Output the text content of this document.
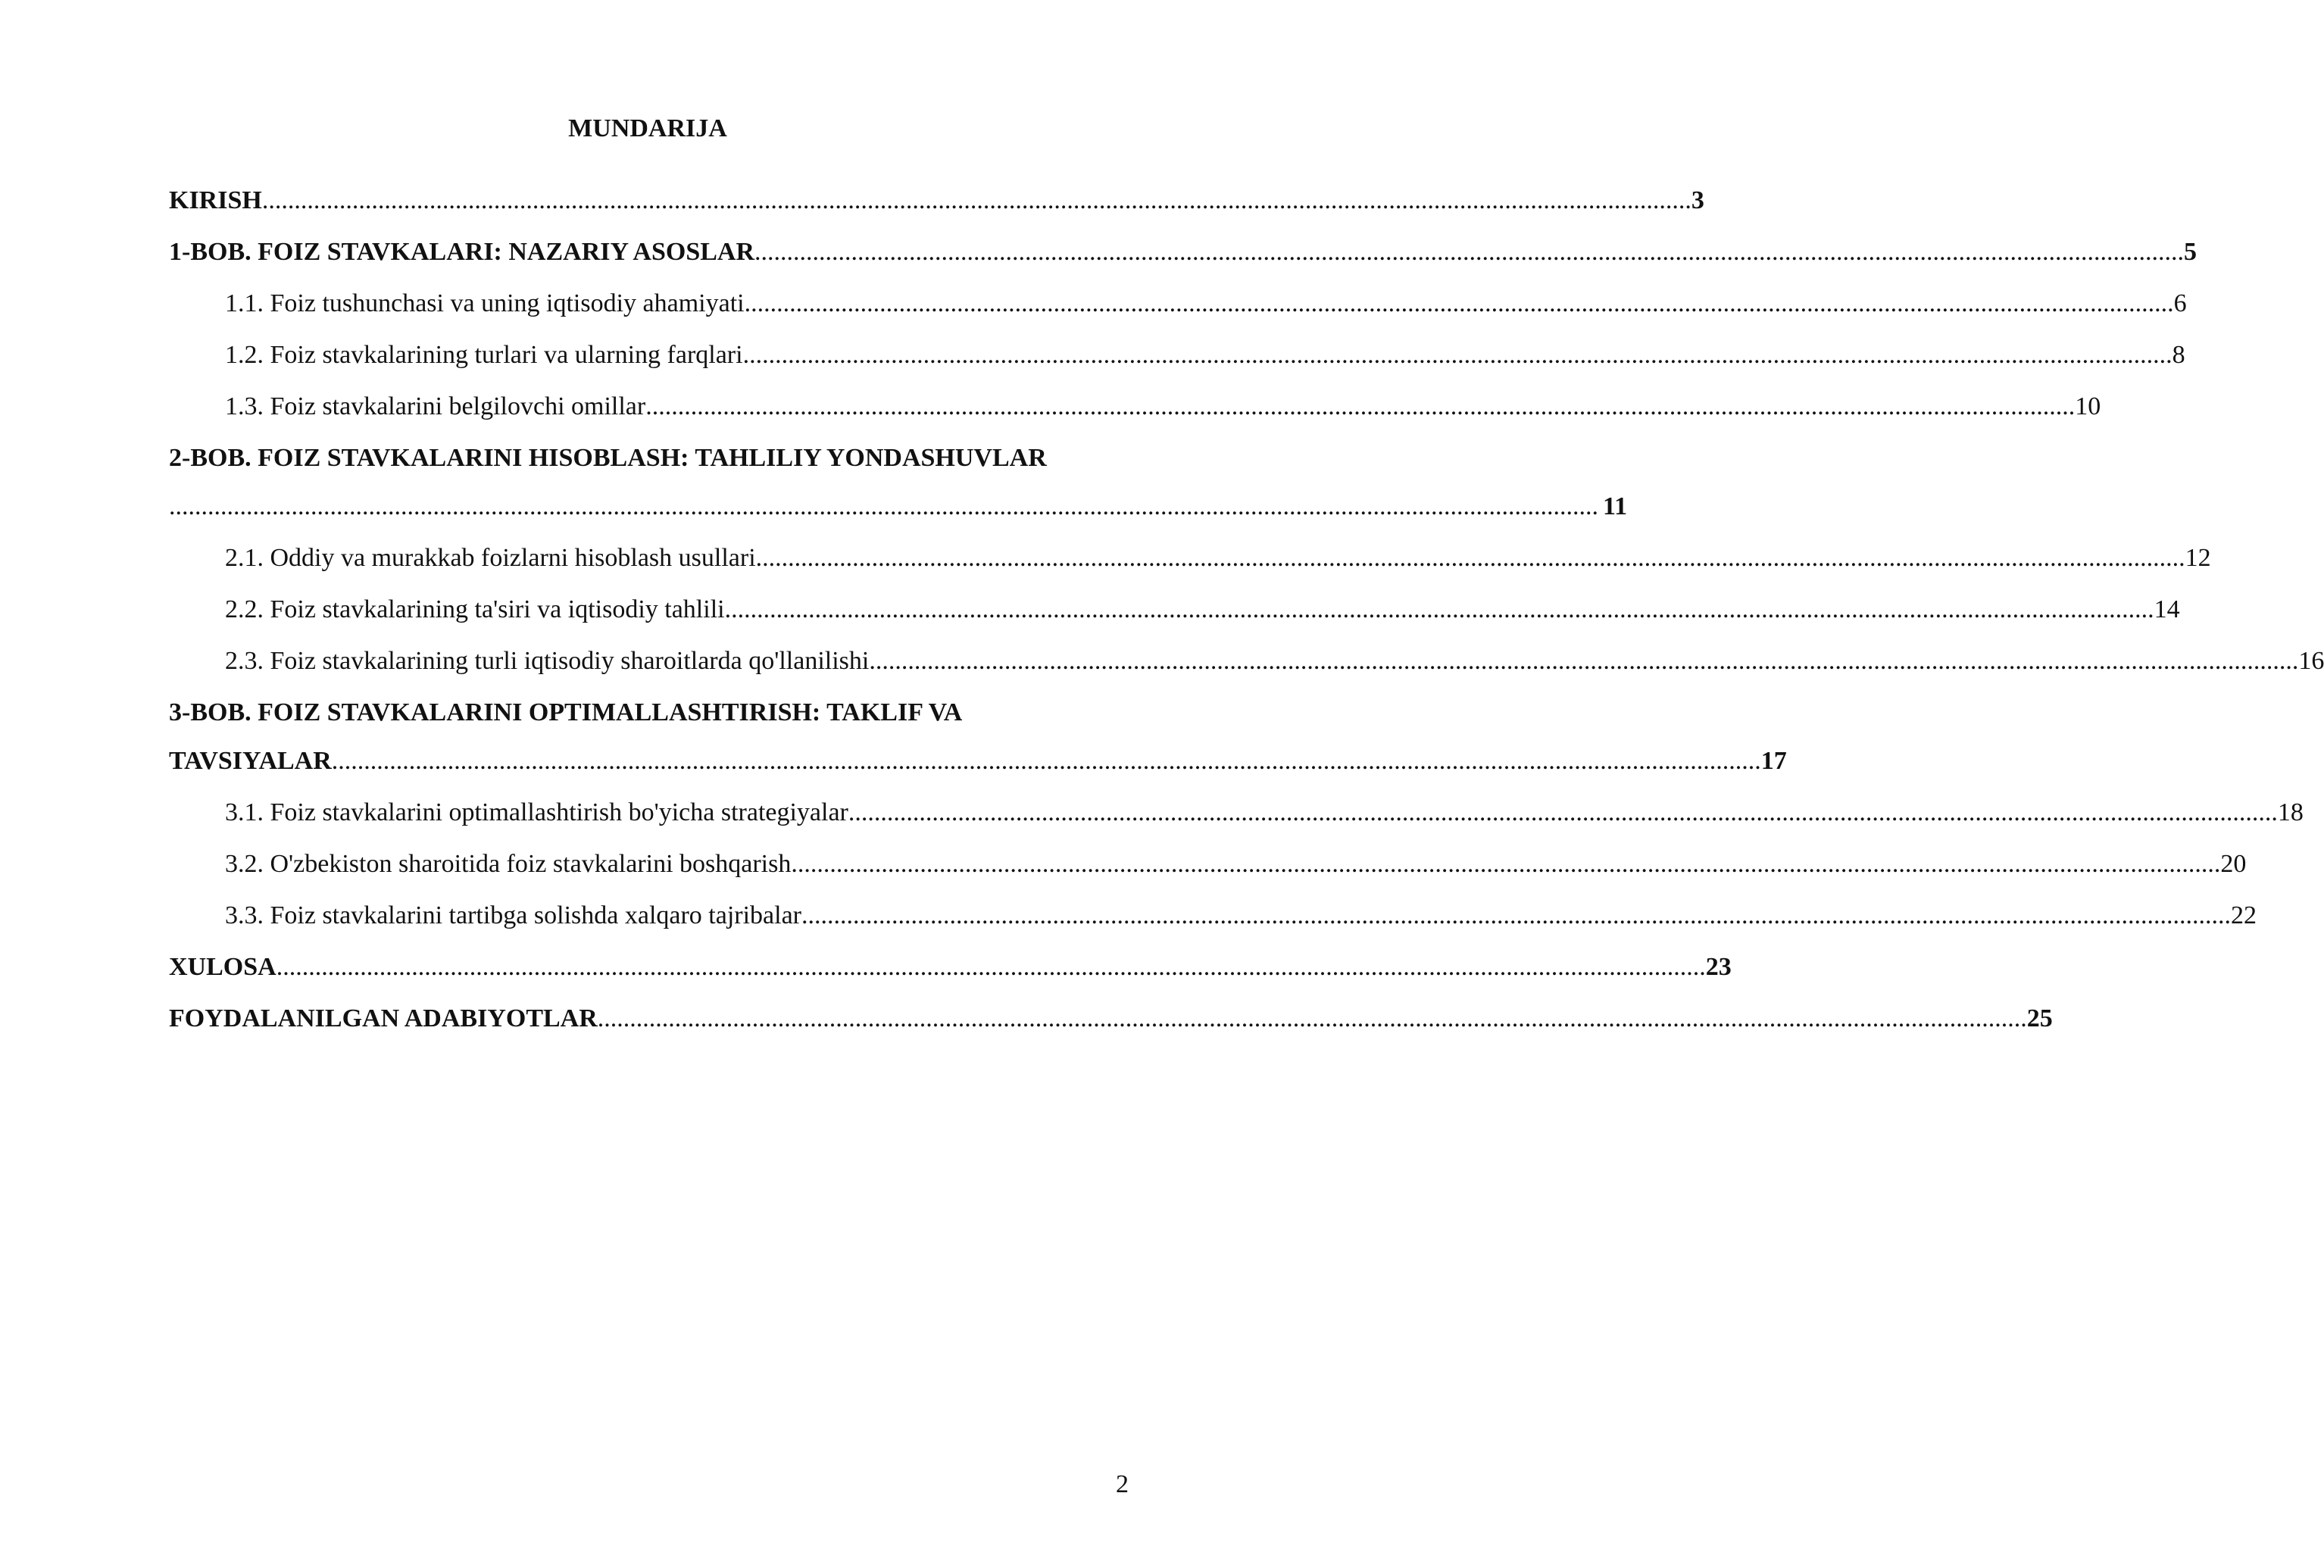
MUNDARIJA
KIRISH .............................................................................................................................................................................................................................. 3
1-BOB. FOIZ STAVKALARI: NAZARIY ASOSLAR .............................................................................................................................................................................................................................. 5
1.1. Foiz tushunchasi va uning iqtisodiy ahamiyati .............................................................................................................................................................................................................................. 6
1.2. Foiz stavkalarining turlari va ularning farqlari .............................................................................................................................................................................................................................. 8
1.3. Foiz stavkalarini belgilovchi omillar .............................................................................................................................................................................................................................. 10
2-BOB. FOIZ STAVKALARINI HISOBLASH: TAHLILIY YONDASHUVLAR
.............................................................................................................................................................................................................................. 11
2.1. Oddiy va murakkab foizlarni hisoblash usullari .............................................................................................................................................................................................................................. 12
2.2. Foiz stavkalarining ta'siri va iqtisodiy tahlili .............................................................................................................................................................................................................................. 14
2.3. Foiz stavkalarining turli iqtisodiy sharoitlarda qo'llanilishi .............................................................................................................................................................................................................................. 16
3-BOB. FOIZ STAVKALARINI OPTIMALLASHTIRISH: TAKLIF VA
TAVSIYALAR .............................................................................................................................................................................................................................. 17
3.1. Foiz stavkalarini optimallashtirish bo'yicha strategiyalar .............................................................................................................................................................................................................................. 18
3.2. O'zbekiston sharoitida foiz stavkalarini boshqarish .............................................................................................................................................................................................................................. 20
3.3. Foiz stavkalarini tartibga solishda xalqaro tajribalar .............................................................................................................................................................................................................................. 22
XULOSA .............................................................................................................................................................................................................................. 23
FOYDALANILGAN ADABIYOTLAR .............................................................................................................................................................................................................................. 25
2
